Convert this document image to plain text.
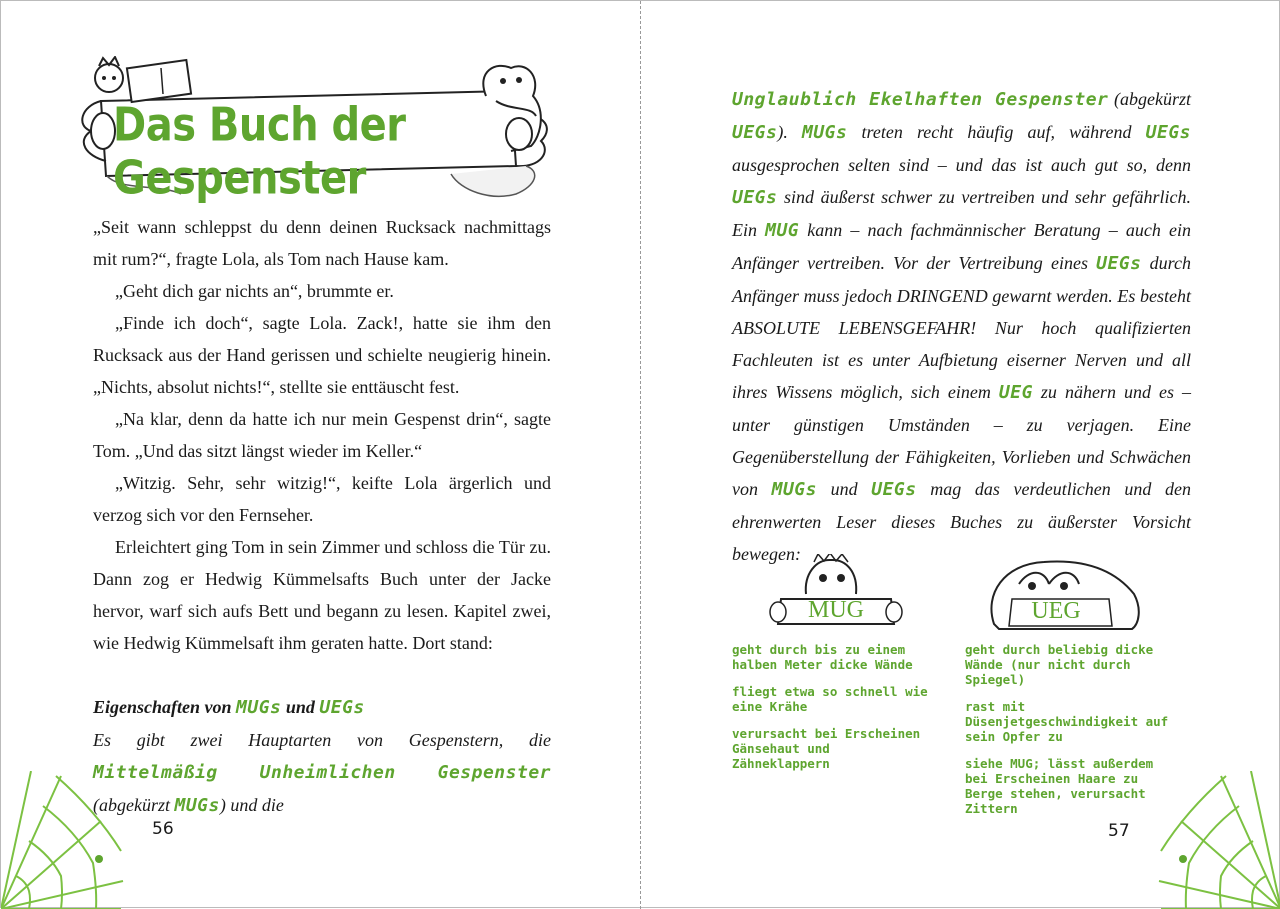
Das Buch der Gespenster

„Seit wann schleppst du denn deinen Rucksack nachmittags mit rum?“, fragte Lola, als Tom nach Hause kam.

„Geht dich gar nichts an“, brummte er.

„Finde ich doch“, sagte Lola. Zack!, hatte sie ihm den Rucksack aus der Hand gerissen und schielte neugierig hinein. „Nichts, absolut nichts!“, stellte sie enttäuscht fest.

„Na klar, denn da hatte ich nur mein Gespenst drin“, sagte Tom. „Und das sitzt längst wieder im Keller.“

„Witzig. Sehr, sehr witzig!“, keifte Lola ärgerlich und verzog sich vor den Fernseher.

Erleichtert ging Tom in sein Zimmer und schloss die Tür zu. Dann zog er Hedwig Kümmelsafts Buch unter der Jacke hervor, warf sich aufs Bett und begann zu lesen. Kapitel zwei, wie Hedwig Kümmelsaft ihm geraten hatte. Dort stand:

Eigenschaften von MUGs und UEGs

Es gibt zwei Hauptarten von Gespenstern, die Mittelmäßig Unheimlichen Gespenster (abgekürzt MUGs) und die

56

Unglaublich Ekelhaften Gespenster (abgekürzt UEGs). MUGs treten recht häufig auf, während UEGs ausgesprochen selten sind – und das ist auch gut so, denn UEGs sind äußerst schwer zu vertreiben und sehr gefährlich. Ein MUG kann – nach fachmännischer Beratung – auch ein Anfänger vertreiben. Vor der Vertreibung eines UEGs durch Anfänger muss jedoch DRINGEND gewarnt werden. Es besteht ABSOLUTE LEBENSGEFAHR! Nur hoch qualifizierten Fachleuten ist es unter Aufbietung eiserner Nerven und all ihres Wissens möglich, sich einem UEG zu nähern und es – unter günstigen Umständen – zu verjagen. Eine Gegenüberstellung der Fähigkeiten, Vorlieben und Schwächen von MUGs und UEGs mag das verdeutlichen und den ehrenwerten Leser dieses Buches zu äußerster Vorsicht bewegen:

MUG	UEG

geht durch bis zu einem halben Meter dicke Wände

fliegt etwa so schnell wie eine Krähe

verursacht bei Erscheinen Gänsehaut und Zähneklappern

geht durch beliebig dicke Wände (nur nicht durch Spiegel)

rast mit Düsenjetgeschwindigkeit auf sein Opfer zu

siehe MUG; lässt außerdem bei Erscheinen Haare zu Berge stehen, verursacht Zittern

57
